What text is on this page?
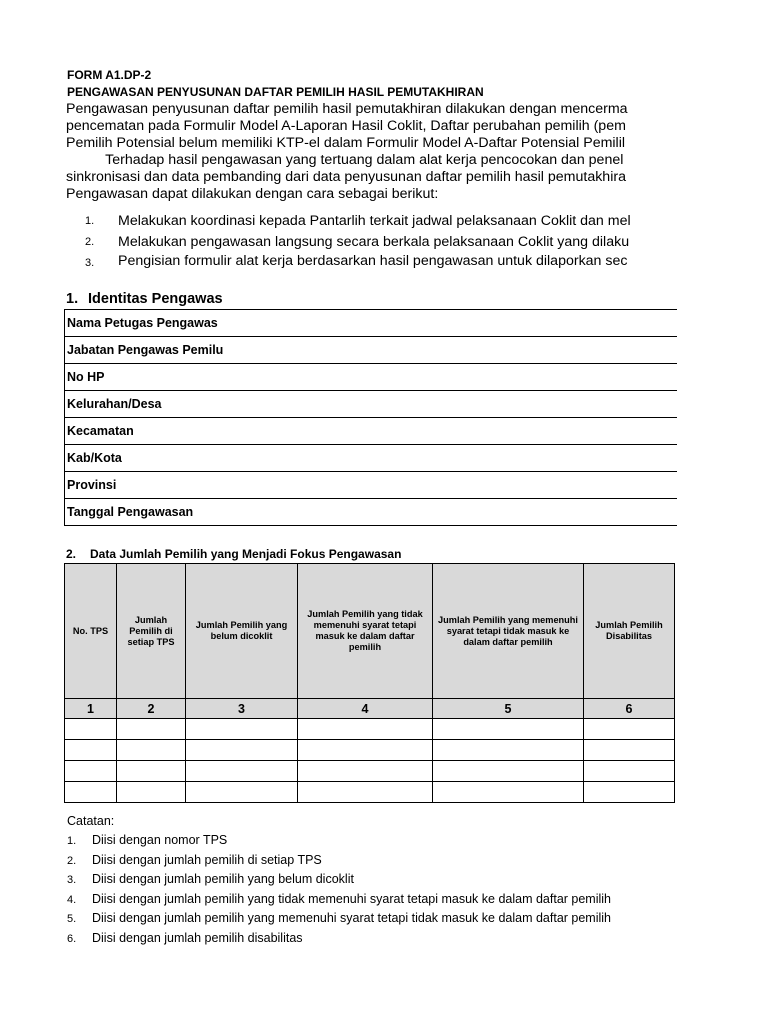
FORM A1.DP-2
PENGAWASAN PENYUSUNAN DAFTAR PEMILIH HASIL PEMUTAKHIRAN
Pengawasan penyusunan daftar pemilih hasil pemutakhiran dilakukan dengan mencerma
pencematan pada Formulir Model A-Laporan Hasil Coklit, Daftar perubahan pemilih (pem
Pemilih Potensial belum memiliki KTP-el dalam Formulir Model A-Daftar Potensial Pemilil
Terhadap hasil pengawasan yang tertuang dalam alat kerja pencocokan dan penel
sinkronisasi dan data pembanding dari data penyusunan daftar pemilih hasil pemutakhira
Pengawasan dapat dilakukan dengan cara sebagai berikut:
1. Melakukan koordinasi kepada Pantarlih terkait jadwal pelaksanaan Coklit dan mel
2. Melakukan pengawasan langsung secara berkala pelaksanaan Coklit yang dilaku
3. Pengisian formulir alat kerja berdasarkan hasil pengawasan untuk dilaporkan sec
1. Identitas Pengawas
Nama Petugas Pengawas
Jabatan Pengawas Pemilu
No HP
Kelurahan/Desa
Kecamatan
Kab/Kota
Provinsi
Tanggal Pengawasan
2. Data Jumlah Pemilih yang Menjadi Fokus Pengawasan
No. TPS	Jumlah Pemilih di setiap TPS	Jumlah Pemilih yang belum dicoklit	Jumlah Pemilih yang tidak memenuhi syarat tetapi masuk ke dalam daftar pemilih	Jumlah Pemilih yang memenuhi syarat tetapi tidak masuk ke dalam daftar pemilih	Jumlah Pemilih Disabilitas
1	2	3	4	5	6

Catatan:
1. Diisi dengan nomor TPS
2. Diisi dengan jumlah pemilih di setiap TPS
3. Diisi dengan jumlah pemilih yang belum dicoklit
4. Diisi dengan jumlah pemilih yang tidak memenuhi syarat tetapi masuk ke dalam daftar pemilih
5. Diisi dengan jumlah pemilih yang memenuhi syarat tetapi tidak masuk ke dalam daftar pemilih
6. Diisi dengan jumlah pemilih disabilitas
